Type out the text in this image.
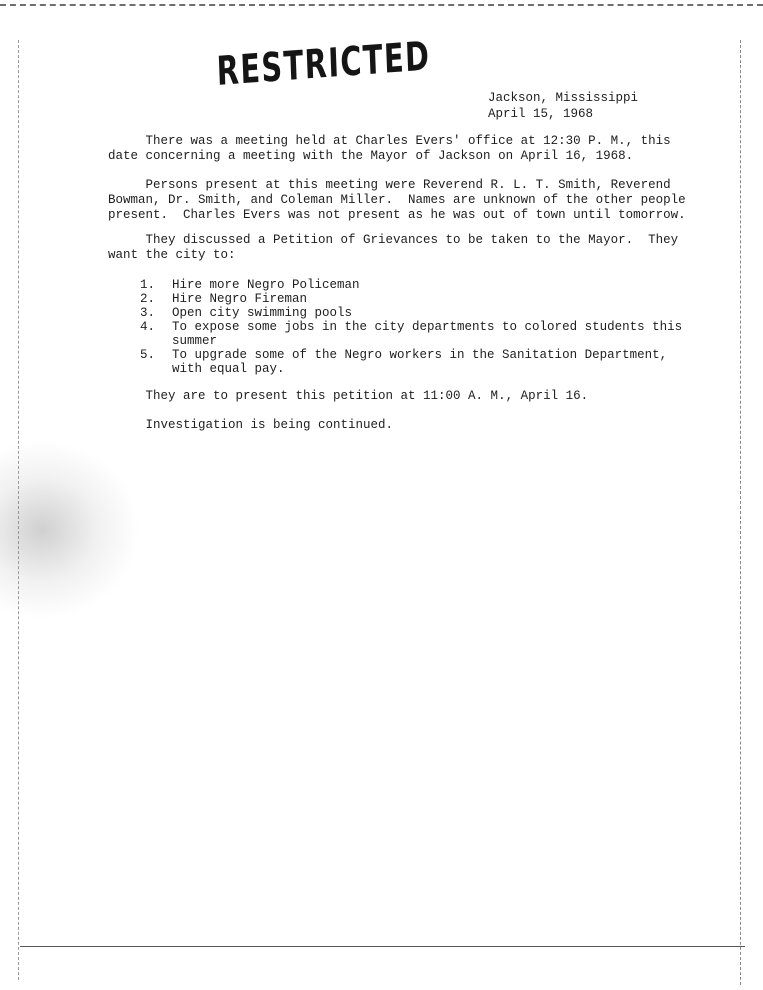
RESTRICTED
Jackson, Mississippi
April 15, 1968

There was a meeting held at Charles Evers' office at 12:30 P. M., this
date concerning a meeting with the Mayor of Jackson on April 16, 1968.

Persons present at this meeting were Reverend R. L. T. Smith, Reverend
Bowman, Dr. Smith, and Coleman Miller.  Names are unknown of the other people
present.  Charles Evers was not present as he was out of town until tomorrow.

They discussed a Petition of Grievances to be taken to the Mayor.  They
want the city to:

1.	Hire more Negro Policeman
2.	Hire Negro Fireman
3.	Open city swimming pools
4.	To expose some jobs in the city departments to colored students this
summer
5.	To upgrade some of the Negro workers in the Sanitation Department,
with equal pay.

They are to present this petition at 11:00 A. M., April 16.

Investigation is being continued.
